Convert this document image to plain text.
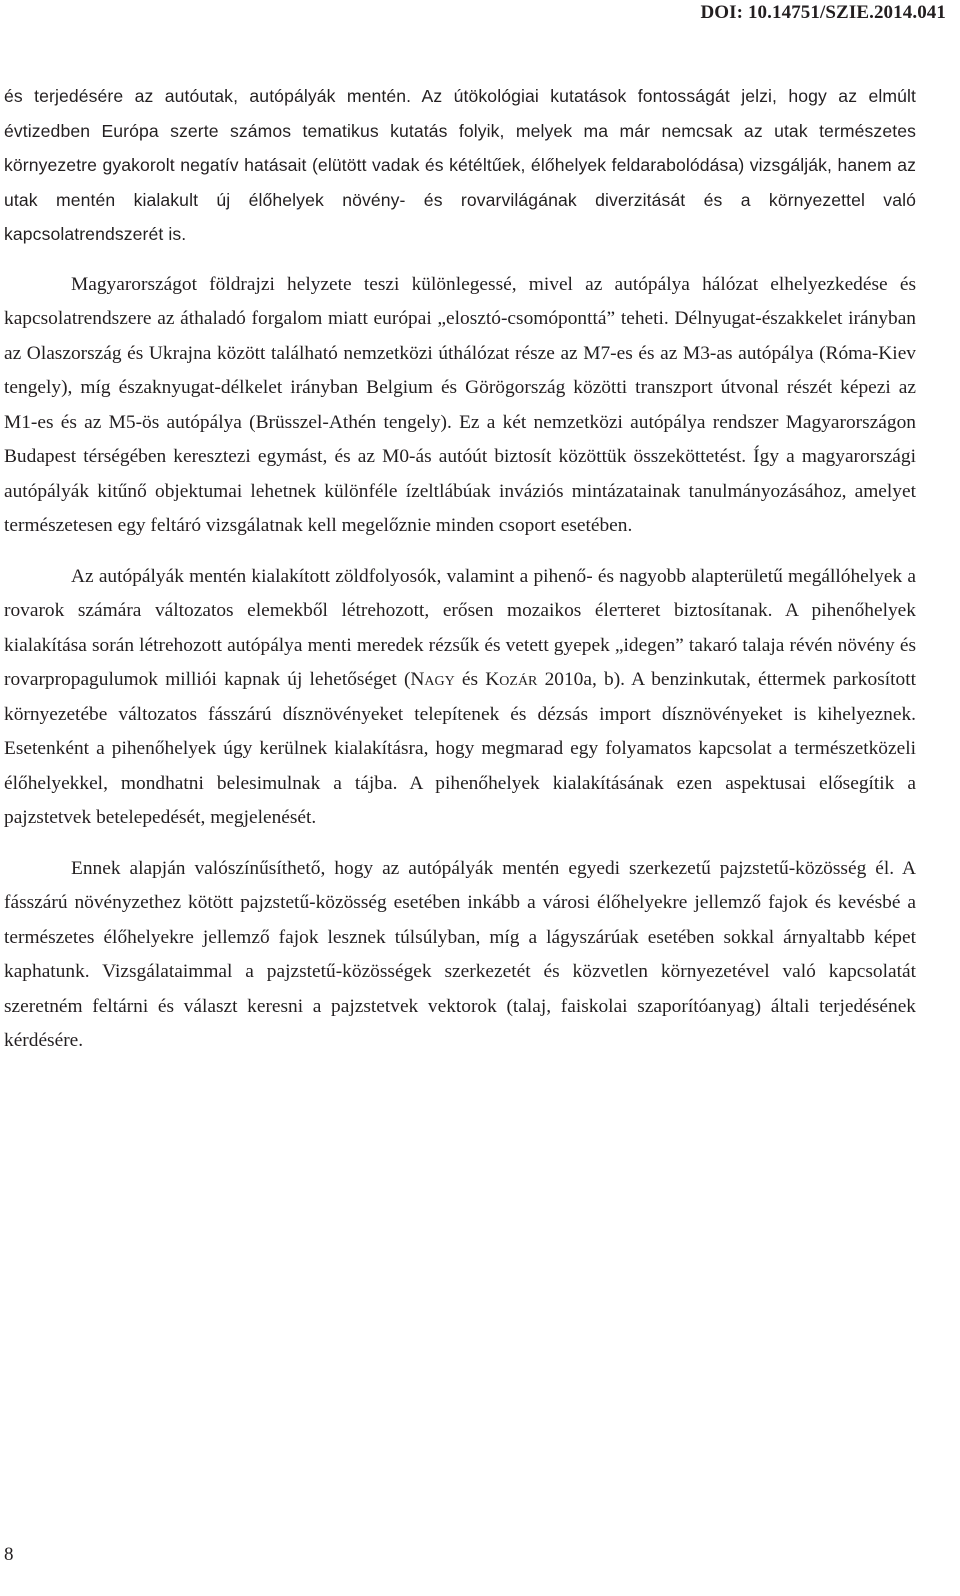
DOI: 10.14751/SZIE.2014.041

és terjedésére az autóutak, autópályák mentén. Az útökológiai kutatások fontosságát jelzi, hogy az elmúlt évtizedben Európa szerte számos tematikus kutatás folyik, melyek ma már nemcsak az utak természetes környezetre gyakorolt negatív hatásait (elütött vadak és kétéltűek, élőhelyek feldarabolódása) vizsgálják, hanem az utak mentén kialakult új élőhelyek növény- és rovarvilágának diverzitását és a környezettel való kapcsolatrendszerét is.

Magyarországot földrajzi helyzete teszi különlegessé, mivel az autópálya hálózat elhelyezkedése és kapcsolatrendszere az áthaladó forgalom miatt európai „elosztó-csomóponttá” teheti. Délnyugat-északkelet irányban az Olaszország és Ukrajna között található nemzetközi úthálózat része az M7-es és az M3-as autópálya (Róma-Kiev tengely), míg északnyugat-délkelet irányban Belgium és Görögország közötti transzport útvonal részét képezi az M1-es és az M5-ös autópálya (Brüsszel-Athén tengely). Ez a két nemzetközi autópálya rendszer Magyarországon Budapest térségében keresztezi egymást, és az M0-ás autóút biztosít közöttük összeköttetést. Így a magyarországi autópályák kitűnő objektumai lehetnek különféle ízeltlábúak inváziós mintázatainak tanulmányozásához, amelyet természetesen egy feltáró vizsgálatnak kell megelőznie minden csoport esetében.

Az autópályák mentén kialakított zöldfolyosók, valamint a pihenő- és nagyobb alapterületű megállóhelyek a rovarok számára változatos elemekből létrehozott, erősen mozaikos élетteret biztosítanak. A pihenőhelyek kialakítása során létrehozott autópálya menti meredek rézsűk és vetett gyepek „idegen” takaró talaja révén növény és rovarpropagulumok milliói kapnak új lehetőséget (Nagy és Kozár 2010a, b). A benzinkutak, éttermek parkosított környezetébe változatos fásszárú dísznövényeket telepítenek és dézsás import dísznövényeket is kihelyeznek. Esetenként a pihenőhelyek úgy kerülnek kialakításra, hogy megmarad egy folyamatos kapcsolat a természetközeli élőhelyekkel, mondhatni belesimulnak a tájba. A pihenőhelyek kialakításának ezen aspektusai elősegítik a pajzstetvek betelepedését, megjelenését.

Ennek alapján valószínűsíthető, hogy az autópályák mentén egyedi szerkezetű pajzstetű-közösség él. A fásszárú növényzethez kötött pajzstetű-közösség esetében inkább a városi élőhelyekre jellemző fajok és kevésbé a természetes élőhelyekre jellemző fajok lesznek túlsúlyban, míg a lágyszárúak esetében sokkal árnyaltabb képet kaphatunk. Vizsgálataimmal a pajzstetű-közösségek szerkezetét és közvetlen környezetével való kapcsolatát szeretném feltárni és választ keresni a pajzstetvek vektorok (talaj, faiskolai szaporítóanyag) általi terjedésének kérdésére.

8
